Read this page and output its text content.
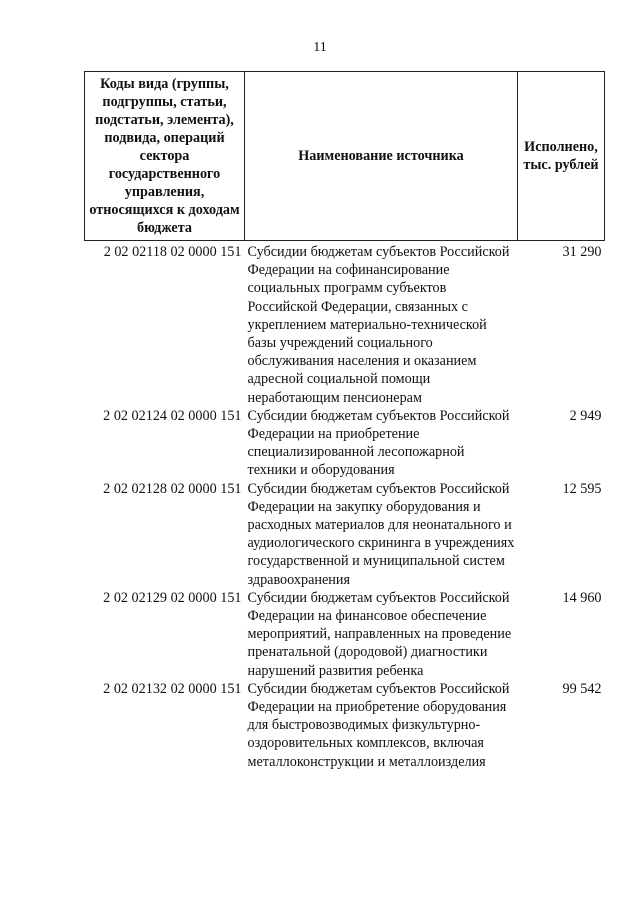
11
Коды вида (группы, подгруппы, статьи, подстатьи, элемента), подвида, операций сектора государственного управления, относящихся к доходам бюджета	Наименование источника	Исполнено, тыс. рублей
2 02 02118 02 0000 151	Субсидии бюджетам субъектов Российской Федерации на софинансирование социальных программ субъектов Российской Федерации, связанных с укреплением материально-технической базы учреждений социального обслуживания населения и оказанием адресной социальной помощи неработающим пенсионерам	31 290
2 02 02124 02 0000 151	Субсидии бюджетам субъектов Российской Федерации на приобретение специализированной лесопожарной техники и оборудования	2 949
2 02 02128 02 0000 151	Субсидии бюджетам субъектов Российской Федерации на закупку оборудования и расходных материалов для неонатального и аудиологического скрининга в учреждениях государственной и муниципальной систем здравоохранения	12 595
2 02 02129 02 0000 151	Субсидии бюджетам субъектов Российской Федерации на финансовое обеспечение мероприятий, направленных на проведение пренатальной (дородовой) диагностики нарушений развития ребенка	14 960
2 02 02132 02 0000 151	Субсидии бюджетам субъектов Российской Федерации на приобретение оборудования для быстровозводимых физкультурно-оздоровительных комплексов, включая металлоконструкции и металлоизделия	99 542
